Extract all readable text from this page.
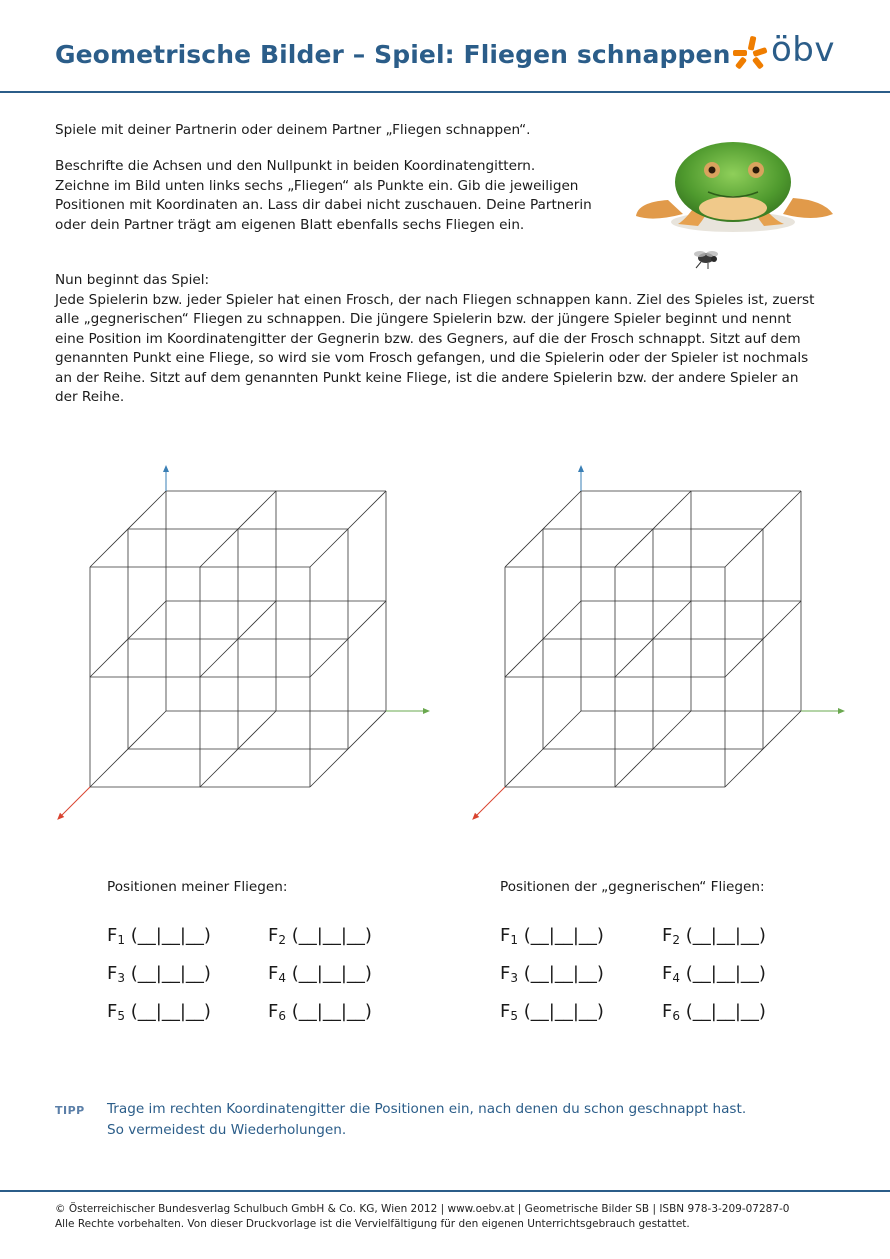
Geometrische Bilder – Spiel: Fliegen schnappen öbv
Spiele mit deiner Partnerin oder deinem Partner „Fliegen schnappen“.
Beschrifte die Achsen und den Nullpunkt in beiden Koordinatengittern.
Zeichne im Bild unten links sechs „Fliegen“ als Punkte ein. Gib die jeweiligen
Positionen mit Koordinaten an. Lass dir dabei nicht zuschauen. Deine Partnerin
oder dein Partner trägt am eigenen Blatt ebenfalls sechs Fliegen ein.
Nun beginnt das Spiel:
Jede Spielerin bzw. jeder Spieler hat einen Frosch, der nach Fliegen schnappen kann. Ziel des Spieles ist, zuerst
alle „gegnerischen“ Fliegen zu schnappen. Die jüngere Spielerin bzw. der jüngere Spieler beginnt und nennt
eine Position im Koordinatengitter der Gegnerin bzw. des Gegners, auf die der Frosch schnappt. Sitzt auf dem
genannten Punkt eine Fliege, so wird sie vom Frosch gefangen, und die Spielerin oder der Spieler ist nochmals
an der Reihe. Sitzt auf dem genannten Punkt keine Fliege, ist die andere Spielerin bzw. der andere Spieler an
der Reihe.
Positionen meiner Fliegen:	Positionen der „gegnerischen“ Fliegen:
$F_1$ (__|__|__)	$F_2$ (__|__|__)
$F_3$ (__|__|__)	$F_4$ (__|__|__)
$F_5$ (__|__|__)	$F_6$ (__|__|__)
$F_1$ (__|__|__)	$F_2$ (__|__|__)
$F_3$ (__|__|__)	$F_4$ (__|__|__)
$F_5$ (__|__|__)	$F_6$ (__|__|__)
TIPP Trage im rechten Koordinatengitter die Positionen ein, nach denen du schon geschnappt hast.
So vermeidest du Wiederholungen.
© Österreichischer Bundesverlag Schulbuch GmbH & Co. KG, Wien 2012 | www.oebv.at | Geometrische Bilder SB | ISBN 978-3-209-07287-0
Alle Rechte vorbehalten. Von dieser Druckvorlage ist die Vervielfältigung für den eigenen Unterrichtsgebrauch gestattet.
